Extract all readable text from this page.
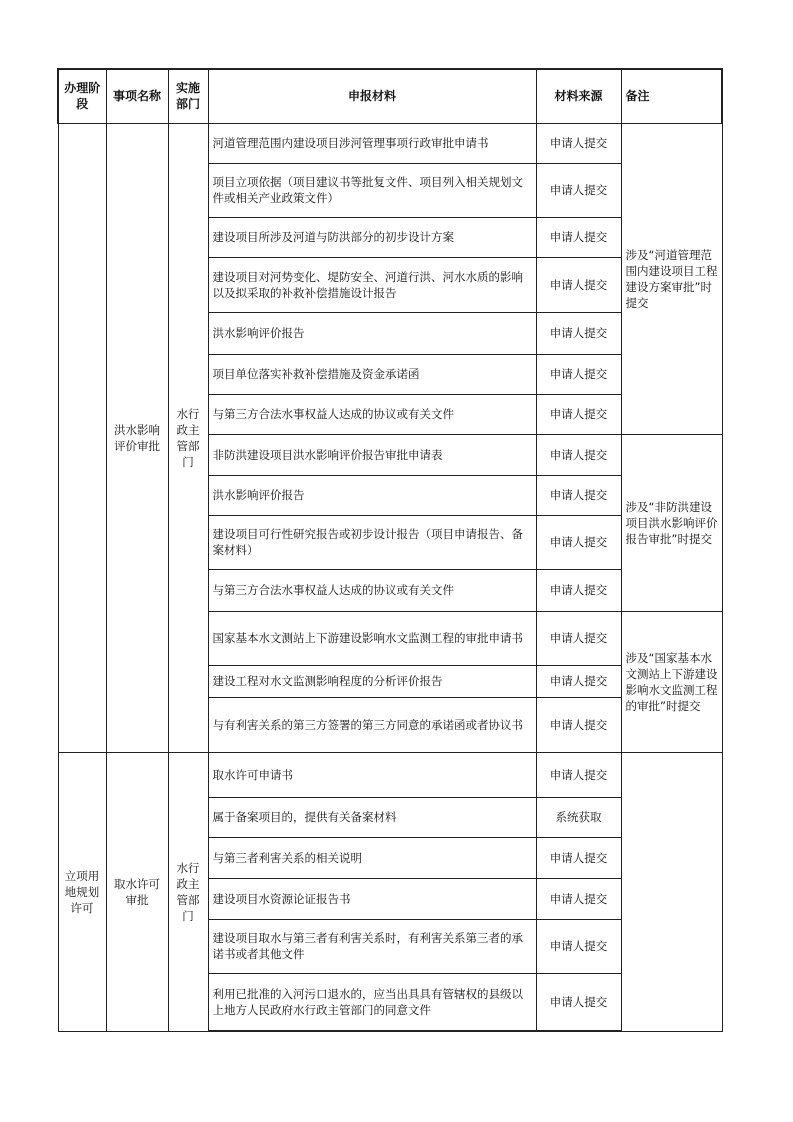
办理阶段	事项名称	实施部门	申报材料	材料来源	备注

	洪水影响评价审批	水行政主管部门	河道管理范围内建设项目涉河管理事项行政审批申请书	申请人提交	涉及“河道管理范围内建设项目工程建设方案审批”时提交

			项目立项依据（项目建议书等批复文件、项目列入相关规划文件或相关产业政策文件）	申请人提交	
			建设项目所涉及河道与防洪部分的初步设计方案	申请人提交	
			建设项目对河势变化、堤防安全、河道行洪、河水水质的影响以及拟采取的补救补偿措施设计报告	申请人提交	
			洪水影响评价报告	申请人提交	
			项目单位落实补救补偿措施及资金承诺函	申请人提交	
			与第三方合法水事权益人达成的协议或有关文件	申请人提交	
			非防洪建设项目洪水影响评价报告审批申请表	申请人提交	涉及“非防洪建设项目洪水影响评价报告审批”时提交

			洪水影响评价报告	申请人提交	
			建设项目可行性研究报告或初步设计报告（项目申请报告、备案材料）	申请人提交	
			与第三方合法水事权益人达成的协议或有关文件	申请人提交	
			国家基本水文测站上下游建设影响水文监测工程的审批申请书	申请人提交	涉及“国家基本水文测站上下游建设影响水文监测工程的审批”时提交

			建设工程对水文监测影响程度的分析评价报告	申请人提交	
			与有利害关系的第三方签署的第三方同意的承诺函或者协议书	申请人提交	

立项用地规划许可	取水许可审批	水行政主管部门	取水许可申请书	申请人提交	
			属于备案项目的，提供有关备案材料	系统获取	
			与第三者利害关系的相关说明	申请人提交	
			建设项目水资源论证报告书	申请人提交	
			建设项目取水与第三者有利害关系时，有利害关系第三者的承诺书或者其他文件	申请人提交	
			利用已批准的入河污口退水的，应当出具具有管辖权的县级以上地方人民政府水行政主管部门的同意文件	申请人提交	
